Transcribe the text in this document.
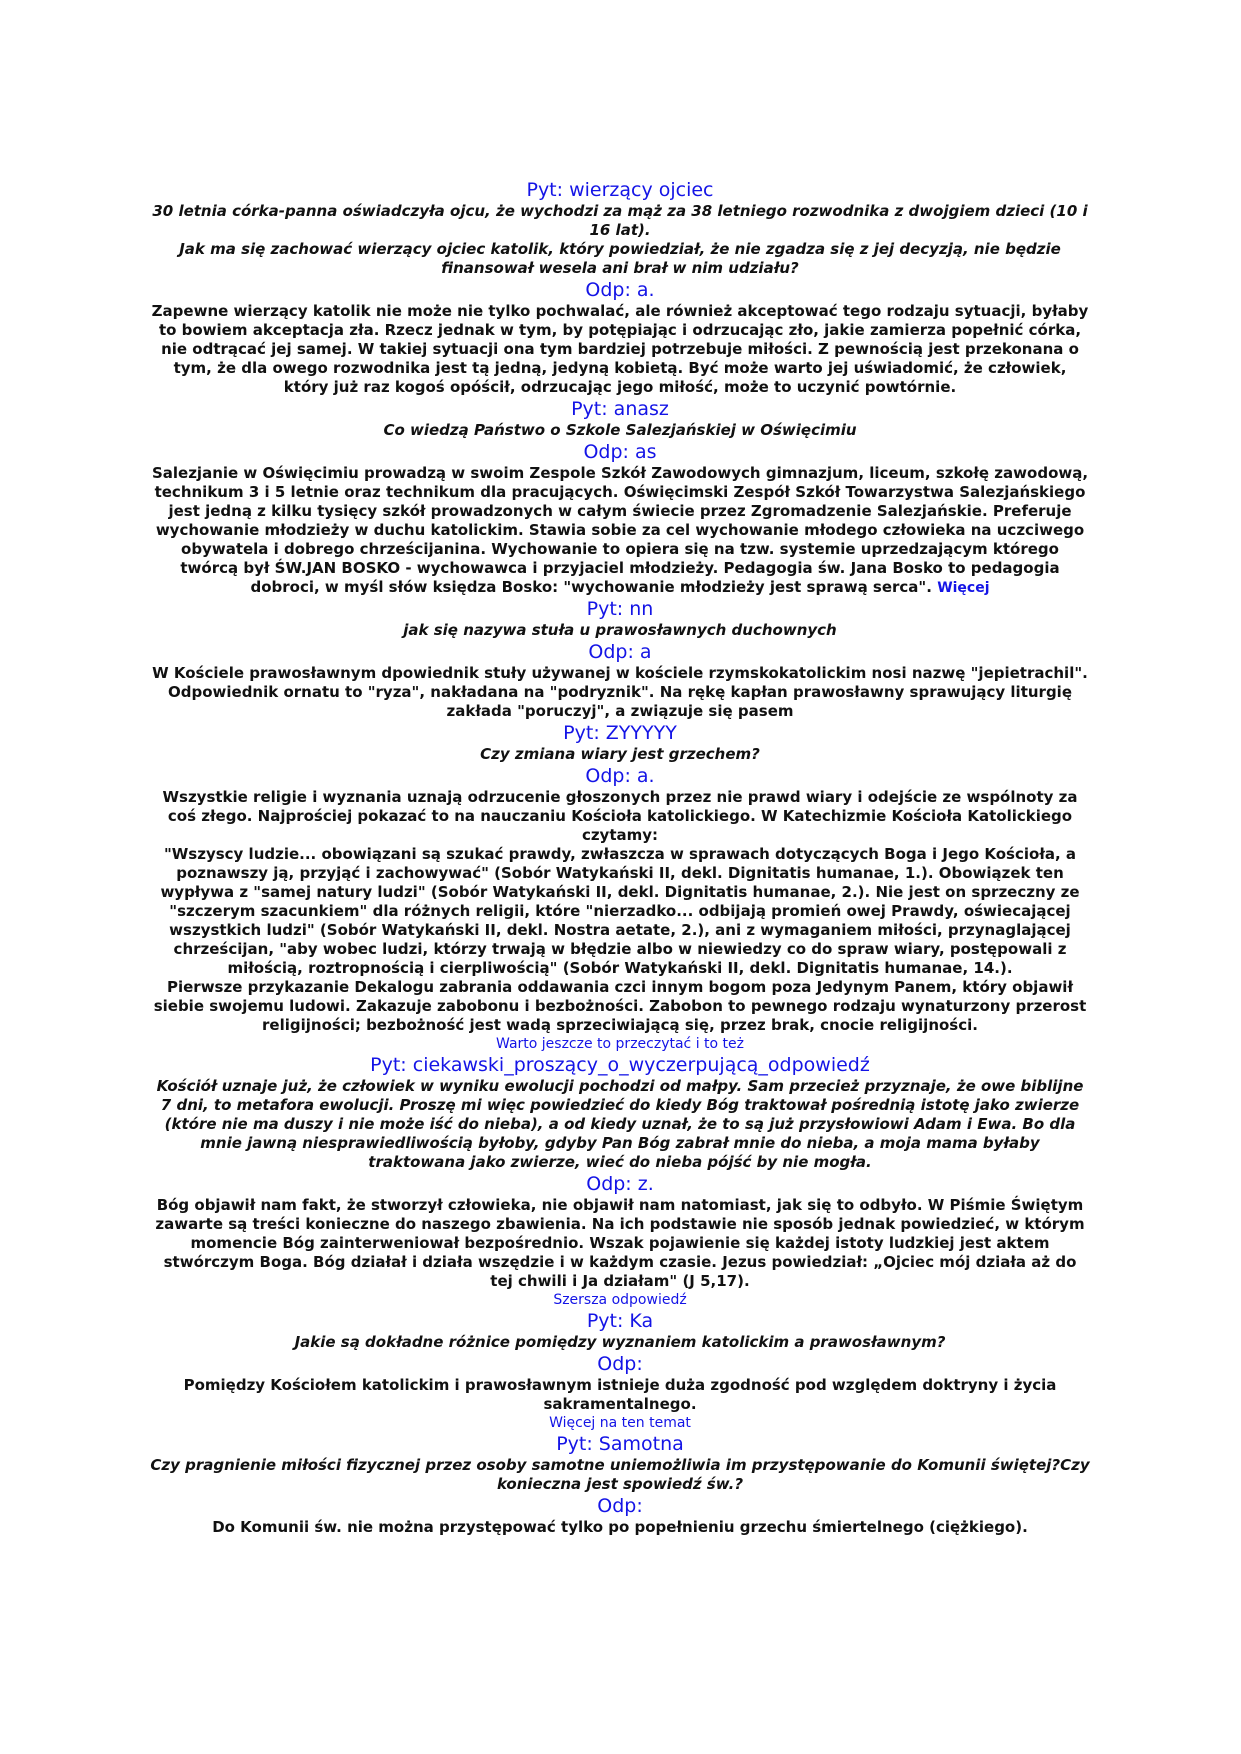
Pyt: wierzący ojciec
30 letnia córka-panna oświadczyła ojcu, że wychodzi za mąż za 38 letniego rozwodnika z dwojgiem dzieci (10 i 16 lat).
Jak ma się zachować wierzący ojciec katolik, który powiedział, że nie zgadza się z jej decyzją, nie będzie finansował wesela ani brał w nim udziału?
Odp: a.
Zapewne wierzący katolik nie może nie tylko pochwalać, ale również akceptować tego rodzaju sytuacji, byłaby to bowiem akceptacja zła. Rzecz jednak w tym, by potępiając i odrzucając zło, jakie zamierza popełnić córka, nie odtrącać jej samej. W takiej sytuacji ona tym bardziej potrzebuje miłości. Z pewnością jest przekonana o tym, że dla owego rozwodnika jest tą jedną, jedyną kobietą. Być może warto jej uświadomić, że człowiek, który już raz kogoś opóścił, odrzucając jego miłość, może to uczynić powtórnie.
Pyt: anasz
Co wiedzą Państwo o Szkole Salezjańskiej w Oświęcimiu
Odp: as
Salezjanie w Oświęcimiu prowadzą w swoim Zespole Szkół Zawodowych gimnazjum, liceum, szkołę zawodową, technikum 3 i 5 letnie oraz technikum dla pracujących. Oświęcimski Zespół Szkół Towarzystwa Salezjańskiego jest jedną z kilku tysięcy szkół prowadzonych w całym świecie przez Zgromadzenie Salezjańskie. Preferuje wychowanie młodzieży w duchu katolickim. Stawia sobie za cel wychowanie młodego człowieka na uczciwego obywatela i dobrego chrześcijanina. Wychowanie to opiera się na tzw. systemie uprzedzającym którego twórcą był ŚW.JAN BOSKO - wychowawca i przyjaciel młodzieży. Pedagogia św. Jana Bosko to pedagogia dobroci, w myśl słów księdza Bosko: "wychowanie młodzieży jest sprawą serca". Więcej
Pyt: nn
jak się nazywa stuła u prawosławnych duchownych
Odp: a
W Kościele prawosławnym dpowiednik stuły używanej w kościele rzymskokatolickim nosi nazwę "jepietrachil". Odpowiednik ornatu to "ryza", nakładana na "podryznik". Na rękę kapłan prawosławny sprawujący liturgię zakłada "poruczyj", a związuje się pasem
Pyt: ZYYYYY
Czy zmiana wiary jest grzechem?
Odp: a.
Wszystkie religie i wyznania uznają odrzucenie głoszonych przez nie prawd wiary i odejście ze wspólnoty za coś złego. Najprościej pokazać to na nauczaniu Kościoła katolickiego. W Katechizmie Kościoła Katolickiego czytamy:
"Wszyscy ludzie... obowiązani są szukać prawdy, zwłaszcza w sprawach dotyczących Boga i Jego Kościoła, a poznawszy ją, przyjąć i zachowywać" (Sobór Watykański II, dekl. Dignitatis humanae, 1.). Obowiązek ten wypływa z "samej natury ludzi" (Sobór Watykański II, dekl. Dignitatis humanae, 2.). Nie jest on sprzeczny ze "szczerym szacunkiem" dla różnych religii, które "nierzadko... odbijają promień owej Prawdy, oświecającej wszystkich ludzi" (Sobór Watykański II, dekl. Nostra aetate, 2.), ani z wymaganiem miłości, przynaglającej chrześcijan, "aby wobec ludzi, którzy trwają w błędzie albo w niewiedzy co do spraw wiary, postępowali z miłością, roztropnością i cierpliwością" (Sobór Watykański II, dekl. Dignitatis humanae, 14.).
Pierwsze przykazanie Dekalogu zabrania oddawania czci innym bogom poza Jedynym Panem, który objawił siebie swojemu ludowi. Zakazuje zabobonu i bezbożności. Zabobon to pewnego rodzaju wynaturzony przerost religijności; bezbożność jest wadą sprzeciwiającą się, przez brak, cnocie religijności.
Warto jeszcze to przeczytać i to też
Pyt: ciekawski_proszący_o_wyczerpującą_odpowiedź
Kościół uznaje już, że człowiek w wyniku ewolucji pochodzi od małpy. Sam przecież przyznaje, że owe biblijne 7 dni, to metafora ewolucji. Proszę mi więc powiedzieć do kiedy Bóg traktował pośrednią istotę jako zwierze (które nie ma duszy i nie może iść do nieba), a od kiedy uznał, że to są już przysłowiowi Adam i Ewa. Bo dla mnie jawną niesprawiedliwością byłoby, gdyby Pan Bóg zabrał mnie do nieba, a moja mama byłaby traktowana jako zwierze, wieć do nieba pójść by nie mogła.
Odp: z.
Bóg objawił nam fakt, że stworzył człowieka, nie objawił nam natomiast, jak się to odbyło. W Piśmie Świętym zawarte są treści konieczne do naszego zbawienia. Na ich podstawie nie sposób jednak powiedzieć, w którym momencie Bóg zainterweniował bezpośrednio. Wszak pojawienie się każdej istoty ludzkiej jest aktem stwórczym Boga. Bóg działał i działa wszędzie i w każdym czasie. Jezus powiedział: „Ojciec mój działa aż do tej chwili i Ja działam" (J 5,17).
Szersza odpowiedź
Pyt: Ka
Jakie są dokładne różnice pomiędzy wyznaniem katolickim a prawosławnym?
Odp:
Pomiędzy Kościołem katolickim i prawosławnym istnieje duża zgodność pod względem doktryny i życia sakramentalnego.
Więcej na ten temat
Pyt: Samotna
Czy pragnienie miłości fizycznej przez osoby samotne uniemożliwia im przystępowanie do Komunii świętej?Czy konieczna jest spowiedź św.?
Odp:
Do Komunii św. nie można przystępować tylko po popełnieniu grzechu śmiertelnego (ciężkiego).
